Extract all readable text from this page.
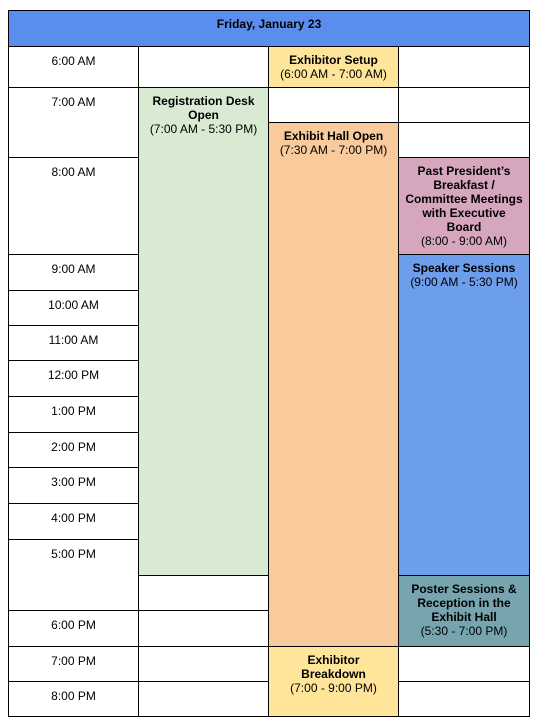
Friday, January 23
6:00 AM
7:00 AM
8:00 AM
9:00 AM
10:00 AM
11:00 AM
12:00 PM
1:00 PM
2:00 PM
3:00 PM
4:00 PM
5:00 PM
6:00 PM
7:00 PM
8:00 PM
Exhibitor Setup
(6:00 AM - 7:00 AM)
Registration Desk Open
(7:00 AM - 5:30 PM)	Exhibit Hall Open
(7:30 AM - 7:00 PM)
Past President’s Breakfast / Committee Meetings with Executive Board
(8:00 - 9:00 AM)
Speaker Sessions
(9:00 AM - 5:30 PM)
Poster Sessions & Reception in the Exhibit Hall
(5:30 - 7:00 PM)
Exhibitor Breakdown
(7:00 - 9:00 PM)
